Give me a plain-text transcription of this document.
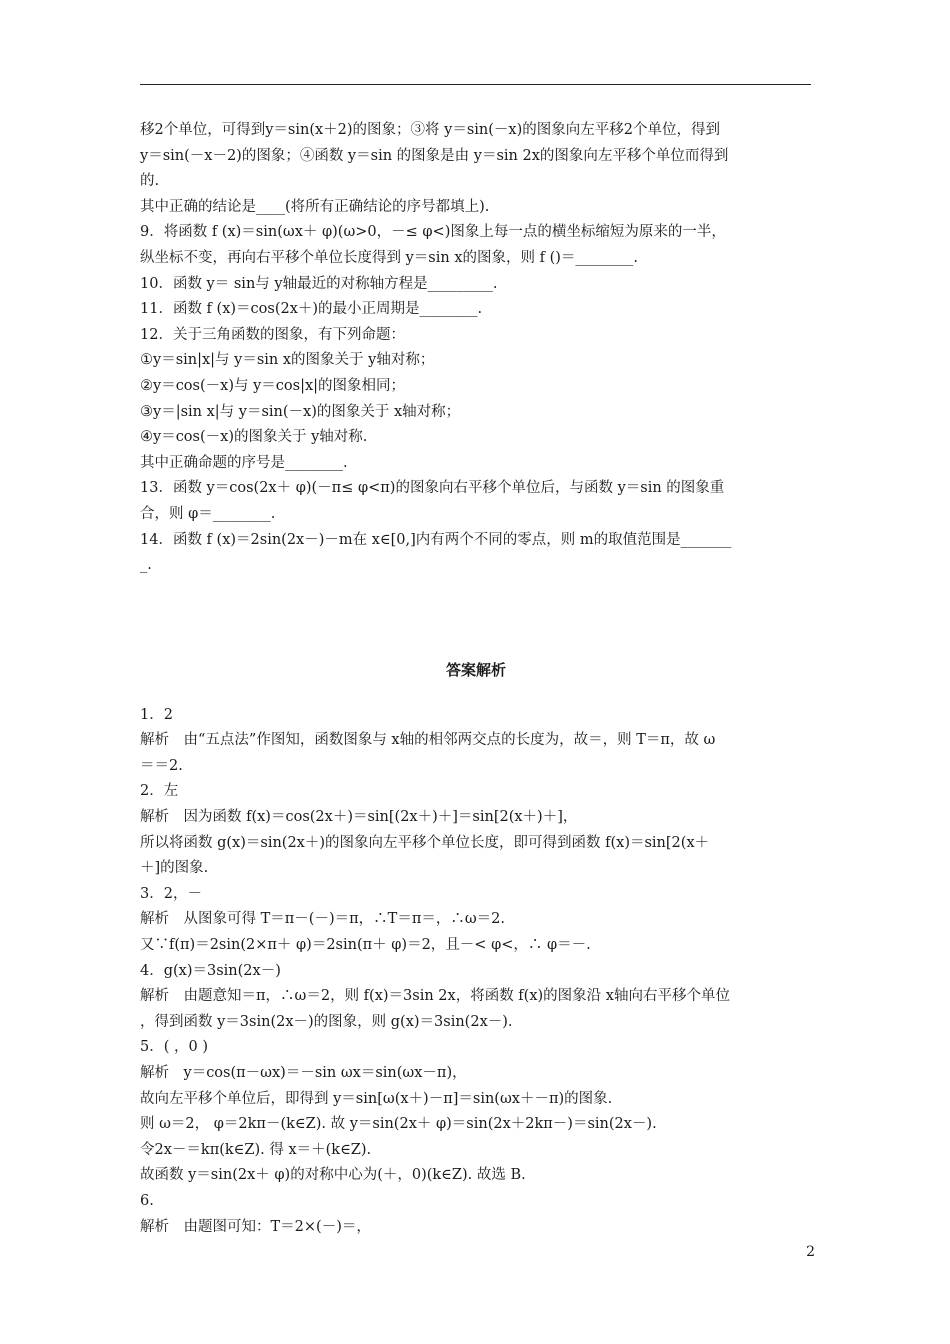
移2个单位，可得到y＝sin(x＋2)的图象；③将 y＝sin(－x)的图象向左平移2个单位，得到
y＝sin(－x－2)的图象；④函数 y＝sin 的图象是由 y＝sin 2x的图象向左平移个单位而得到
的.
其中正确的结论是____(将所有正确结论的序号都填上).
9．将函数 f (x)＝sin(ωx＋ φ)(ω>0，－≤ φ<)图象上每一点的横坐标缩短为原来的一半，
纵坐标不变，再向右平移个单位长度得到 y＝sin x的图象，则 f ()＝________.
10．函数 y＝ sin与 y轴最近的对称轴方程是_________.
11．函数 f (x)＝cos(2x＋)的最小正周期是________.
12．关于三角函数的图象，有下列命题：
①y＝sin|x|与 y＝sin x的图象关于 y轴对称；
②y＝cos(－x)与 y＝cos|x|的图象相同；
③y＝|sin x|与 y＝sin(－x)的图象关于 x轴对称；
④y＝cos(－x)的图象关于 y轴对称.
其中正确命题的序号是________.
13．函数 y＝cos(2x＋ φ)(－π≤ φ<π)的图象向右平移个单位后，与函数 y＝sin 的图象重
合，则 φ＝________.
14．函数 f (x)＝2sin(2x－)－m在 x∈[0,]内有两个不同的零点，则 m的取值范围是_______
_.
答案解析
1．2
解析　由“五点法”作图知，函数图象与 x轴的相邻两交点的长度为，故＝，则 T＝π，故 ω
＝＝2.
2．左
解析　因为函数 f(x)＝cos(2x＋)＝sin[(2x＋)＋]＝sin[2(x＋)＋]，
所以将函数 g(x)＝sin(2x＋)的图象向左平移个单位长度，即可得到函数 f(x)＝sin[2(x＋
＋]的图象.
3．2，－
解析　从图象可得 T＝π－(－)＝π，∴T＝π＝，∴ω＝2.
又∵f(π)＝2sin(2×π＋ φ)＝2sin(π＋ φ)＝2，且－< φ<，∴ φ＝－.
4．g(x)＝3sin(2x－)
解析　由题意知＝π，∴ω＝2，则 f(x)＝3sin 2x，将函数 f(x)的图象沿 x轴向右平移个单位
，得到函数 y＝3sin(2x－)的图象，则 g(x)＝3sin(2x－).
5．( ，0 )
解析　y＝cos(π－ωx)＝－sin ωx＝sin(ωx－π)，
故向左平移个单位后，即得到 y＝sin[ω(x＋)－π]＝sin(ωx＋－π)的图象.
则 ω＝2， φ＝2kπ－(k∈Z). 故 y＝sin(2x＋ φ)＝sin(2x＋2kπ－)＝sin(2x－).
令2x－＝kπ(k∈Z). 得 x＝＋(k∈Z).
故函数 y＝sin(2x＋ φ)的对称中心为(＋，0)(k∈Z). 故选 B.
6.
解析　由题图可知：T＝2×(－)＝，
2
